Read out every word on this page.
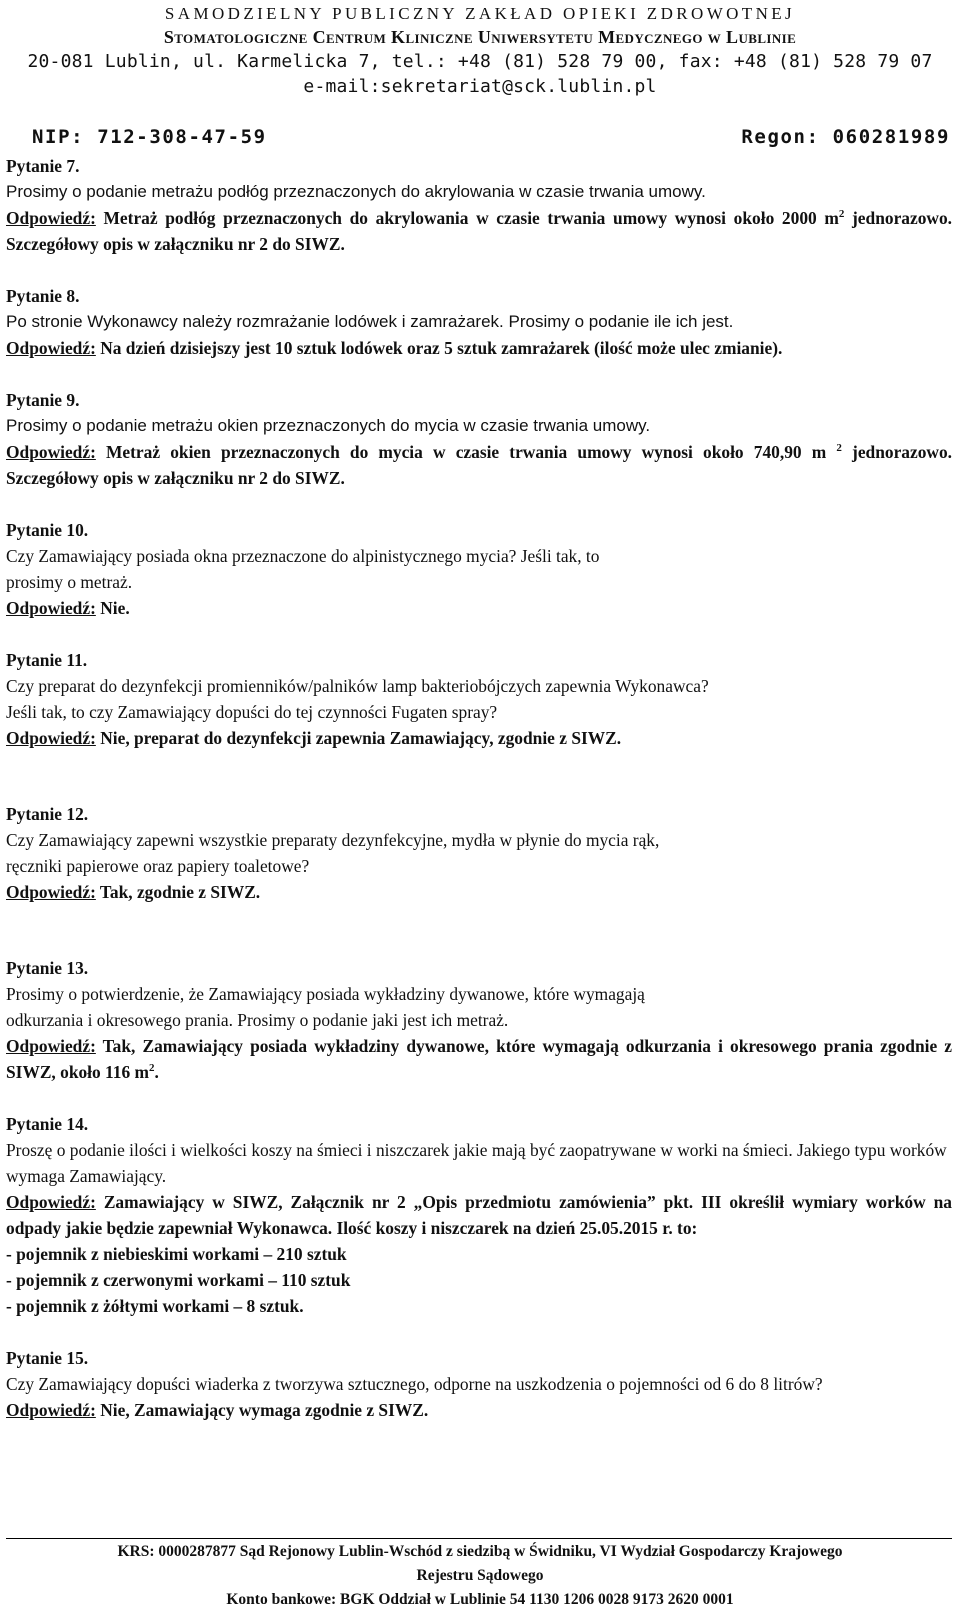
SAMODZIELNY PUBLICZNY ZAKŁAD OPIEKI ZDROWOTNEJ
Stomatologiczne Centrum Kliniczne Uniwersytetu Medycznego w Lublinie
20-081 Lublin, ul. Karmelicka 7, tel.: +48 (81) 528 79 00, fax: +48 (81) 528 79 07
e-mail:sekretariat@sck.lublin.pl
NIP: 712-308-47-59	Regon: 060281989
Pytanie 7.
Prosimy o podanie metrażu podłóg przeznaczonych do akrylowania w czasie trwania umowy.
Odpowiedź: Metraż podłóg przeznaczonych do akrylowania w czasie trwania umowy wynosi około 2000 $m^2$ jednorazowo. Szczegółowy opis w załączniku nr 2 do SIWZ.
Pytanie 8.
Po stronie Wykonawcy należy rozmrażanie lodówek i zamrażarek. Prosimy o podanie ile ich jest.
Odpowiedź: Na dzień dzisiejszy jest 10 sztuk lodówek oraz 5 sztuk zamrażarek (ilość może ulec zmianie).
Pytanie 9.
Prosimy o podanie metrażu okien przeznaczonych do mycia w czasie trwania umowy.
Odpowiedź: Metraż okien przeznaczonych do mycia w czasie trwania umowy wynosi około 740,90 m $^2$ jednorazowo. Szczegółowy opis w załączniku nr 2 do SIWZ.
Pytanie 10.
Czy Zamawiający posiada okna przeznaczone do alpinistycznego mycia? Jeśli tak, to
prosimy o metraż.
Odpowiedź: Nie.
Pytanie 11.
Czy preparat do dezynfekcji promienników/palników lamp bakteriobójczych zapewnia Wykonawca?
Jeśli tak, to czy Zamawiający dopuści do tej czynności Fugaten spray?
Odpowiedź: Nie, preparat do dezynfekcji zapewnia Zamawiający, zgodnie z SIWZ.
Pytanie 12.
Czy Zamawiający zapewni wszystkie preparaty dezynfekcyjne, mydła w płynie do mycia rąk,
ręczniki papierowe oraz papiery toaletowe?
Odpowiedź: Tak, zgodnie z SIWZ.
Pytanie 13.
Prosimy o potwierdzenie, że Zamawiający posiada wykładziny dywanowe, które wymagają
odkurzania i okresowego prania. Prosimy o podanie jaki jest ich metraż.
Odpowiedź: Tak, Zamawiający posiada wykładziny dywanowe, które wymagają odkurzania i okresowego prania zgodnie z SIWZ, około 116 $m^2$.
Pytanie 14.
Proszę o podanie ilości i wielkości koszy na śmieci i niszczarek jakie mają być zaopatrywane w worki na śmieci. Jakiego typu worków wymaga Zamawiający.
Odpowiedź: Zamawiający w SIWZ, Załącznik nr 2 „Opis przedmiotu zamówienia” pkt. III określił wymiary worków na odpady jakie będzie zapewniał Wykonawca. Ilość koszy i niszczarek na dzień 25.05.2015 r. to:
- pojemnik z niebieskimi workami – 210 sztuk
- pojemnik z czerwonymi workami – 110 sztuk
- pojemnik z żółtymi workami – 8 sztuk.
Pytanie 15.
Czy Zamawiający dopuści wiaderka z tworzywa sztucznego, odporne na uszkodzenia o pojemności od 6 do 8 litrów?
Odpowiedź: Nie, Zamawiający wymaga zgodnie z SIWZ.
KRS: 0000287877 Sąd Rejonowy Lublin-Wschód z siedzibą w Świdniku, VI Wydział Gospodarczy Krajowego
Rejestru Sądowego
Konto bankowe: BGK Oddział w Lublinie 54 1130 1206 0028 9173 2620 0001
